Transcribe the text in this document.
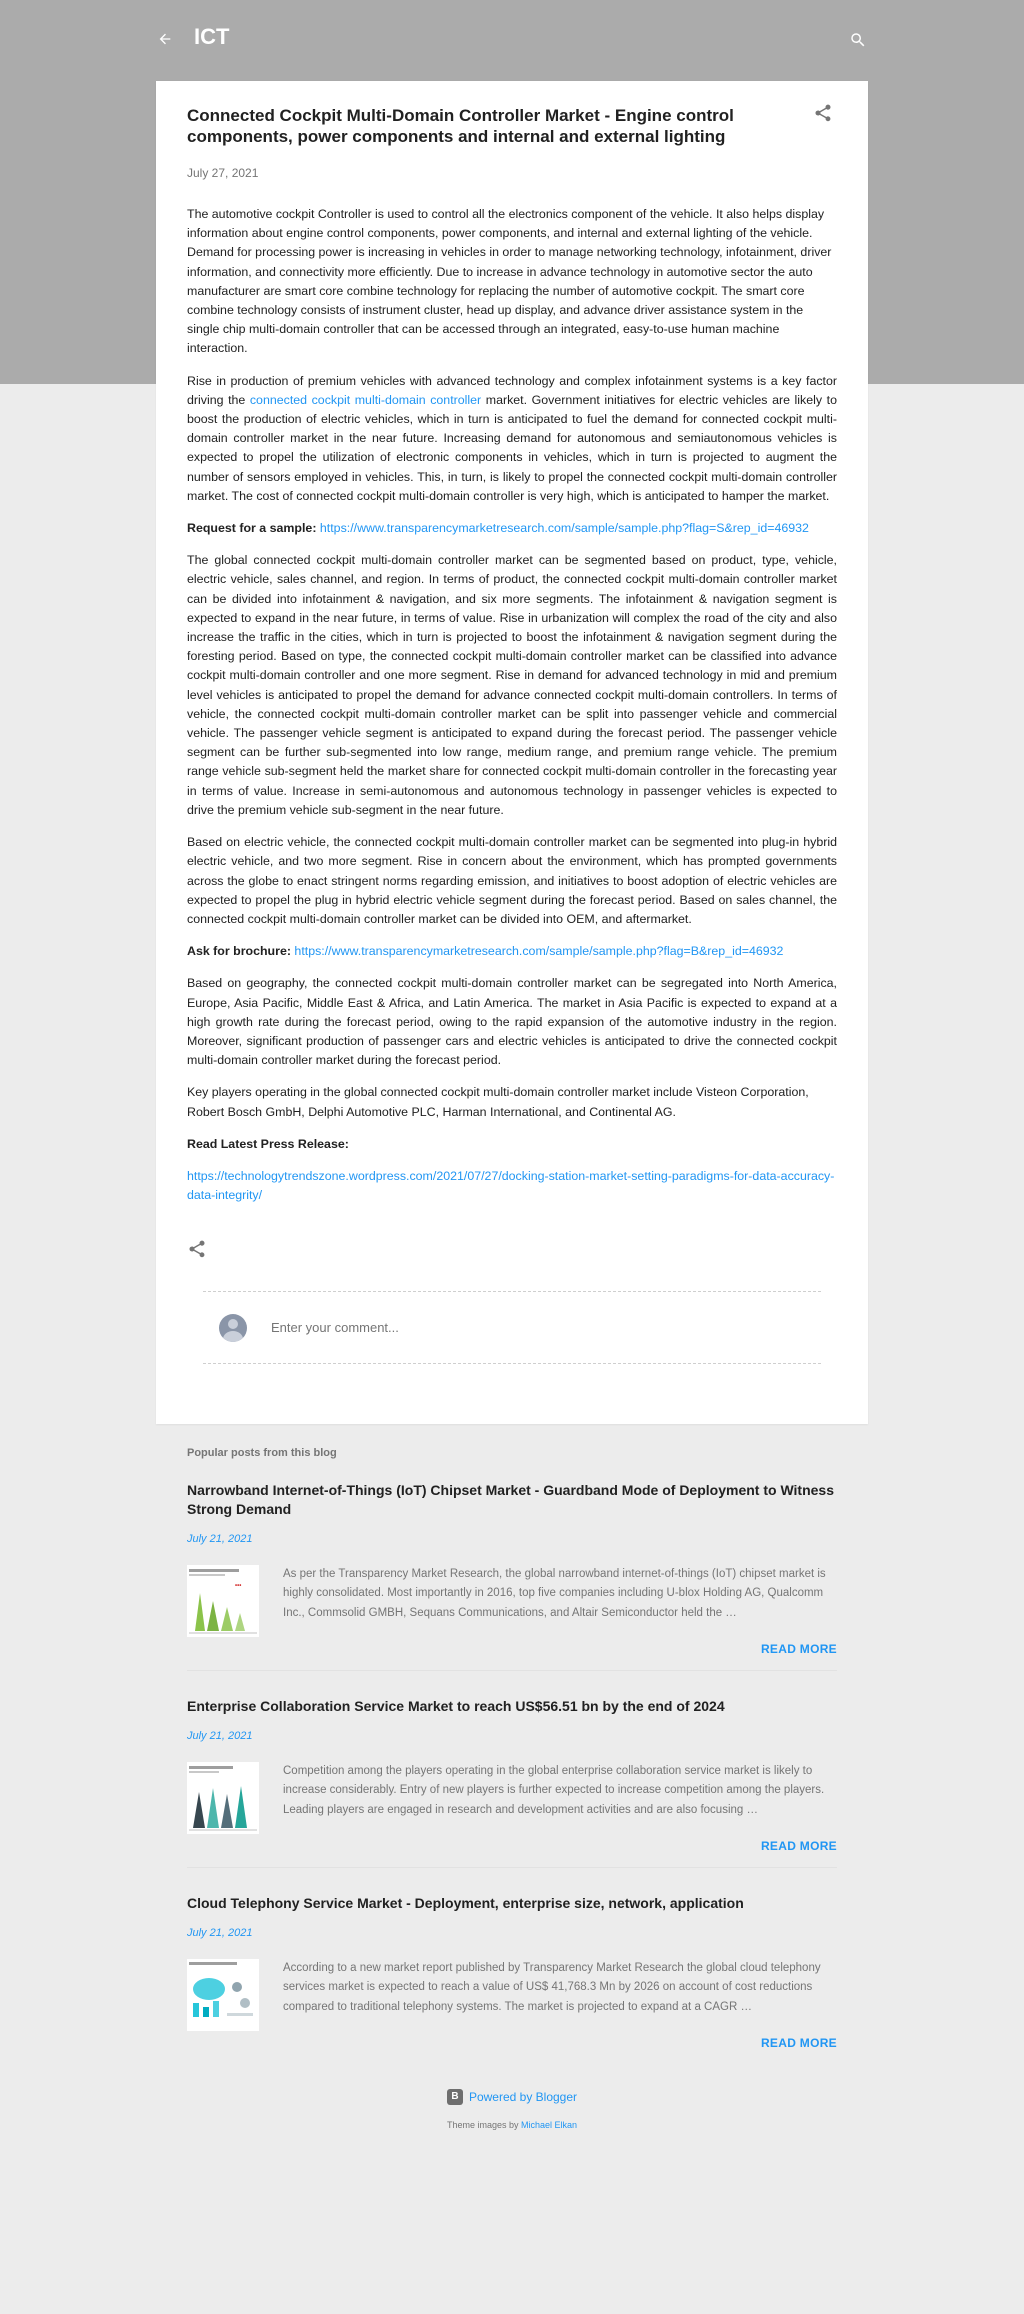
ICT
Connected Cockpit Multi-Domain Controller Market - Engine control components, power components and internal and external lighting
July 27, 2021

The automotive cockpit Controller is used to control all the electronics component of the vehicle. It also helps display information about engine control components, power components, and internal and external lighting of the vehicle. Demand for processing power is increasing in vehicles in order to manage networking technology, infotainment, driver information, and connectivity more efficiently. Due to increase in advance technology in automotive sector the auto manufacturer are smart core combine technology for replacing the number of automotive cockpit. The smart core combine technology consists of instrument cluster, head up display, and advance driver assistance system in the single chip multi-domain controller that can be accessed through an integrated, easy-to-use human machine interaction.

Rise in production of premium vehicles with advanced technology and complex infotainment systems is a key factor driving the connected cockpit multi-domain controller market. Government initiatives for electric vehicles are likely to boost the production of electric vehicles, which in turn is anticipated to fuel the demand for connected cockpit multi-domain controller market in the near future. Increasing demand for autonomous and semiautonomous vehicles is expected to propel the utilization of electronic components in vehicles, which in turn is projected to augment the number of sensors employed in vehicles. This, in turn, is likely to propel the connected cockpit multi-domain controller market. The cost of connected cockpit multi-domain controller is very high, which is anticipated to hamper the market.

Request for a sample: https://www.transparencymarketresearch.com/sample/sample.php?flag=S&rep_id=46932

The global connected cockpit multi-domain controller market can be segmented based on product, type, vehicle, electric vehicle, sales channel, and region. In terms of product, the connected cockpit multi-domain controller market can be divided into infotainment & navigation, and six more segments. The infotainment & navigation segment is expected to expand in the near future, in terms of value. Rise in urbanization will complex the road of the city and also increase the traffic in the cities, which in turn is projected to boost the infotainment & navigation segment during the foresting period. Based on type, the connected cockpit multi-domain controller market can be classified into advance cockpit multi-domain controller and one more segment. Rise in demand for advanced technology in mid and premium level vehicles is anticipated to propel the demand for advance connected cockpit multi-domain controllers. In terms of vehicle, the connected cockpit multi-domain controller market can be split into passenger vehicle and commercial vehicle. The passenger vehicle segment is anticipated to expand during the forecast period. The passenger vehicle segment can be further sub-segmented into low range, medium range, and premium range vehicle. The premium range vehicle sub-segment held the market share for connected cockpit multi-domain controller in the forecasting year in terms of value. Increase in semi-autonomous and autonomous technology in passenger vehicles is expected to drive the premium vehicle sub-segment in the near future.

Based on electric vehicle, the connected cockpit multi-domain controller market can be segmented into plug-in hybrid electric vehicle, and two more segment. Rise in concern about the environment, which has prompted governments across the globe to enact stringent norms regarding emission, and initiatives to boost adoption of electric vehicles are expected to propel the plug in hybrid electric vehicle segment during the forecast period. Based on sales channel, the connected cockpit multi-domain controller market can be divided into OEM, and aftermarket.

Ask for brochure: https://www.transparencymarketresearch.com/sample/sample.php?flag=B&rep_id=46932

Based on geography, the connected cockpit multi-domain controller market can be segregated into North America, Europe, Asia Pacific, Middle East & Africa, and Latin America. The market in Asia Pacific is expected to expand at a high growth rate during the forecast period, owing to the rapid expansion of the automotive industry in the region. Moreover, significant production of passenger cars and electric vehicles is anticipated to drive the connected cockpit multi-domain controller market during the forecast period.

Key players operating in the global connected cockpit multi-domain controller market include Visteon Corporation, Robert Bosch GmbH, Delphi Automotive PLC, Harman International, and Continental AG.

Read Latest Press Release:

https://technologytrendszone.wordpress.com/2021/07/27/docking-station-market-setting-paradigms-for-data-accuracy-data-integrity/

Enter your comment...
Popular posts from this blog
Narrowband Internet-of-Things (IoT) Chipset Market - Guardband Mode of Deployment to Witness Strong Demand
July 21, 2021
•••
As per the Transparency Market Research, the global narrowband internet-of-things (IoT) chipset market is highly consolidated. Most importantly in 2016, top five companies including U-blox Holding AG, Qualcomm Inc., Commsolid GMBH, Sequans Communications, and Altair Semiconductor held the …
READ MORE
Enterprise Collaboration Service Market to reach US$56.51 bn by the end of 2024
July 21, 2021
Competition among the players operating in the global enterprise collaboration service market is likely to increase considerably. Entry of new players is further expected to increase competition among the players. Leading players are engaged in research and development activities and are also focusing …
READ MORE
Cloud Telephony Service Market - Deployment, enterprise size, network, application
July 21, 2021
According to a new market report published by Transparency Market Research the global cloud telephony services market is expected to reach a value of US$ 41,768.3 Mn by 2026 on account of cost reductions compared to traditional telephony systems. The market is projected to expand at a CAGR …
READ MORE
B Powered by Blogger
Theme images by Michael Elkan
